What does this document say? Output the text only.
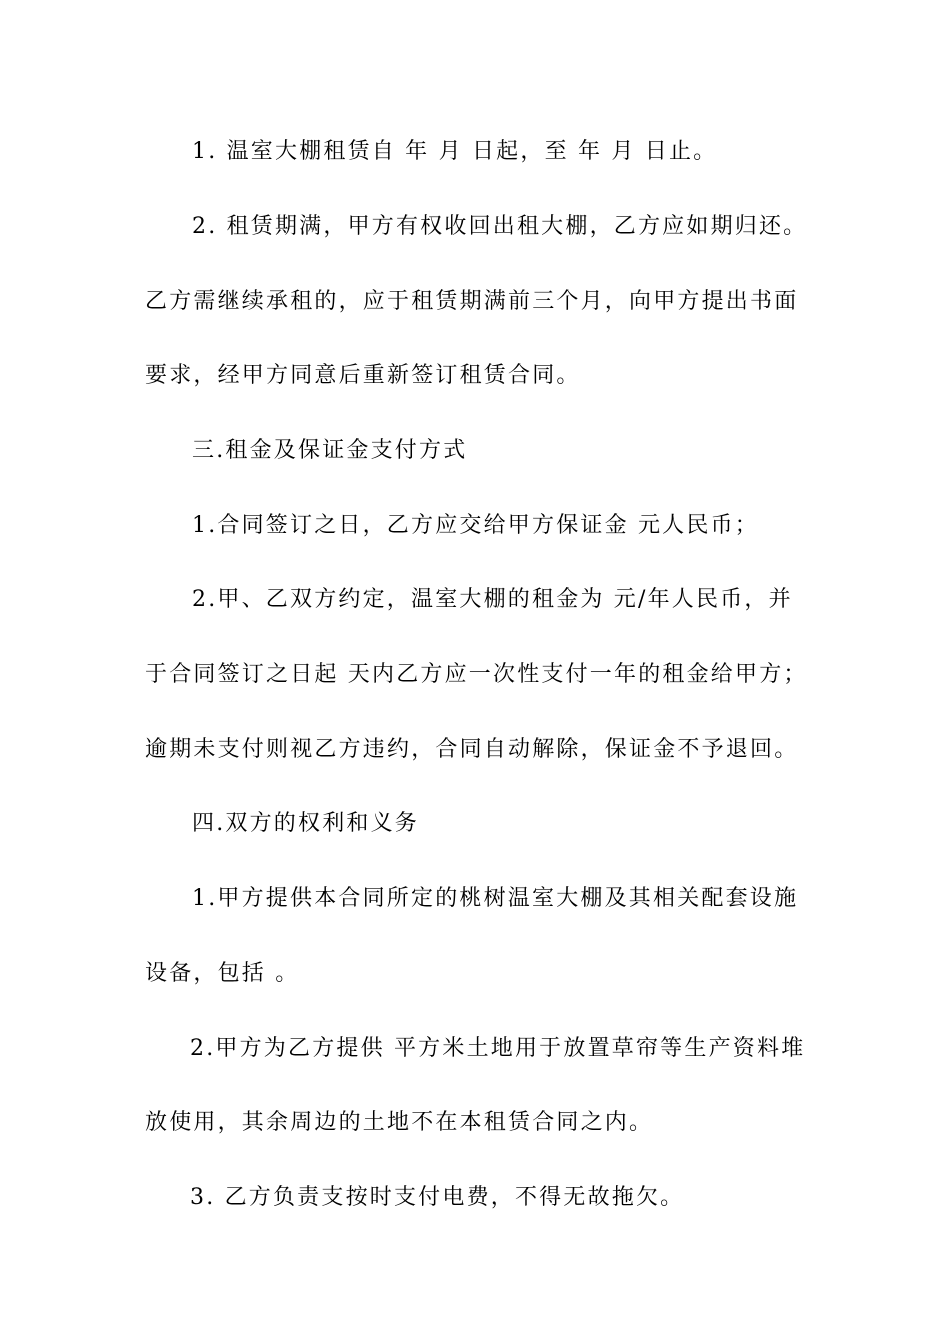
1. 温室大棚租赁自 年 月 日起，至 年 月 日止。
2. 租赁期满，甲方有权收回出租大棚，乙方应如期归还。
乙方需继续承租的，应于租赁期满前三个月，向甲方提出书面
要求，经甲方同意后重新签订租赁合同。
三.租金及保证金支付方式
1.合同签订之日，乙方应交给甲方保证金 元人民币；
2.甲、乙双方约定，温室大棚的租金为 元/年人民币，并
于合同签订之日起 天内乙方应一次性支付一年的租金给甲方；
逾期未支付则视乙方违约，合同自动解除，保证金不予退回。
四.双方的权利和义务
1.甲方提供本合同所定的桃树温室大棚及其相关配套设施
设备，包括 。
2.甲方为乙方提供 平方米土地用于放置草帘等生产资料堆
放使用，其余周边的土地不在本租赁合同之内。
3. 乙方负责支按时支付电费，不得无故拖欠。
